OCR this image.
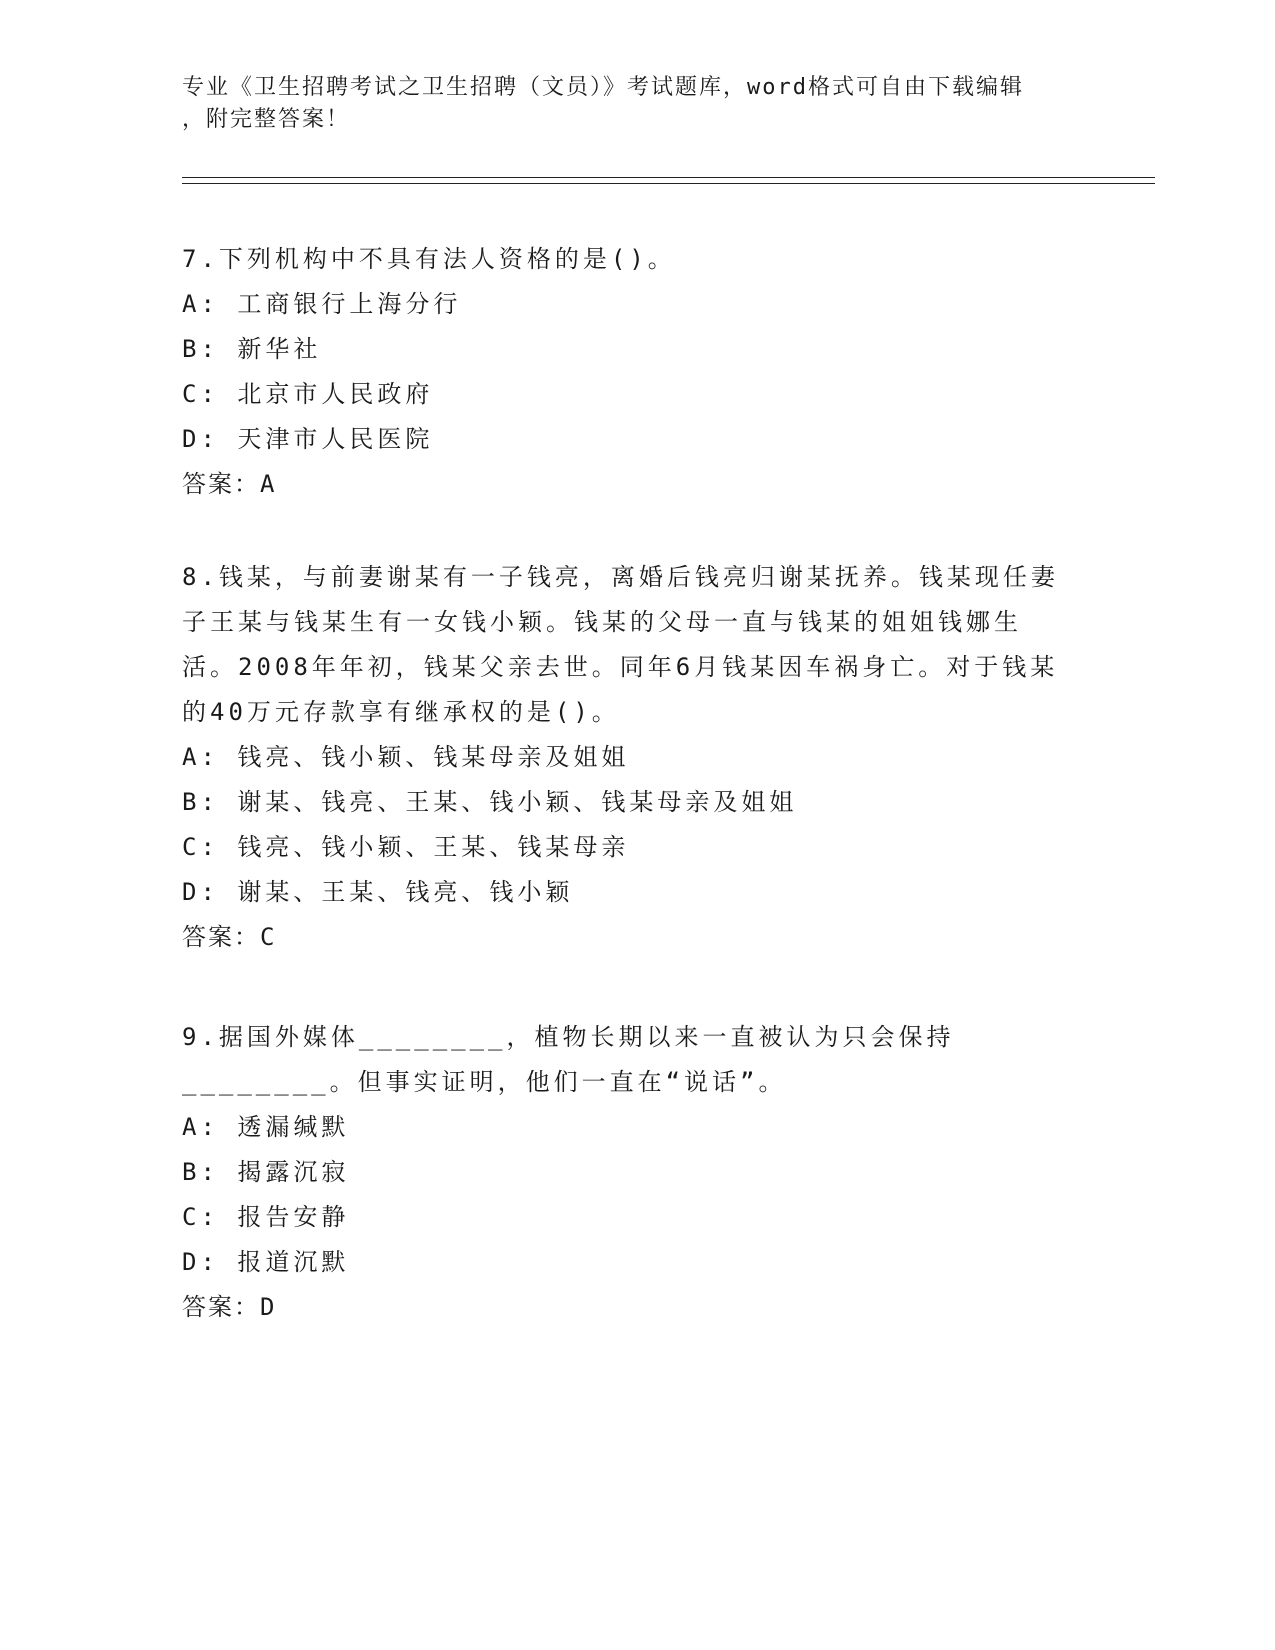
专业《卫生招聘考试之卫生招聘（文员）》考试题库，word格式可自由下载编辑
，附完整答案！

7.下列机构中不具有法人资格的是()。

A: 工商银行上海分行

B: 新华社

C: 北京市人民政府

D: 天津市人民医院

答案：A

8.钱某，与前妻谢某有一子钱亮，离婚后钱亮归谢某抚养。钱某现任妻子王某与钱某生有一女钱小颖。钱某的父母一直与钱某的姐姐钱娜生活。2008年年初，钱某父亲去世。同年6月钱某因车祸身亡。对于钱某的40万元存款享有继承权的是()。

A: 钱亮、钱小颖、钱某母亲及姐姐

B: 谢某、钱亮、王某、钱小颖、钱某母亲及姐姐

C: 钱亮、钱小颖、王某、钱某母亲

D: 谢某、王某、钱亮、钱小颖

答案：C

9.据国外媒体________，植物长期以来一直被认为只会保持________。但事实证明，他们一直在“说话”。

A: 透漏缄默

B: 揭露沉寂

C: 报告安静

D: 报道沉默

答案：D
